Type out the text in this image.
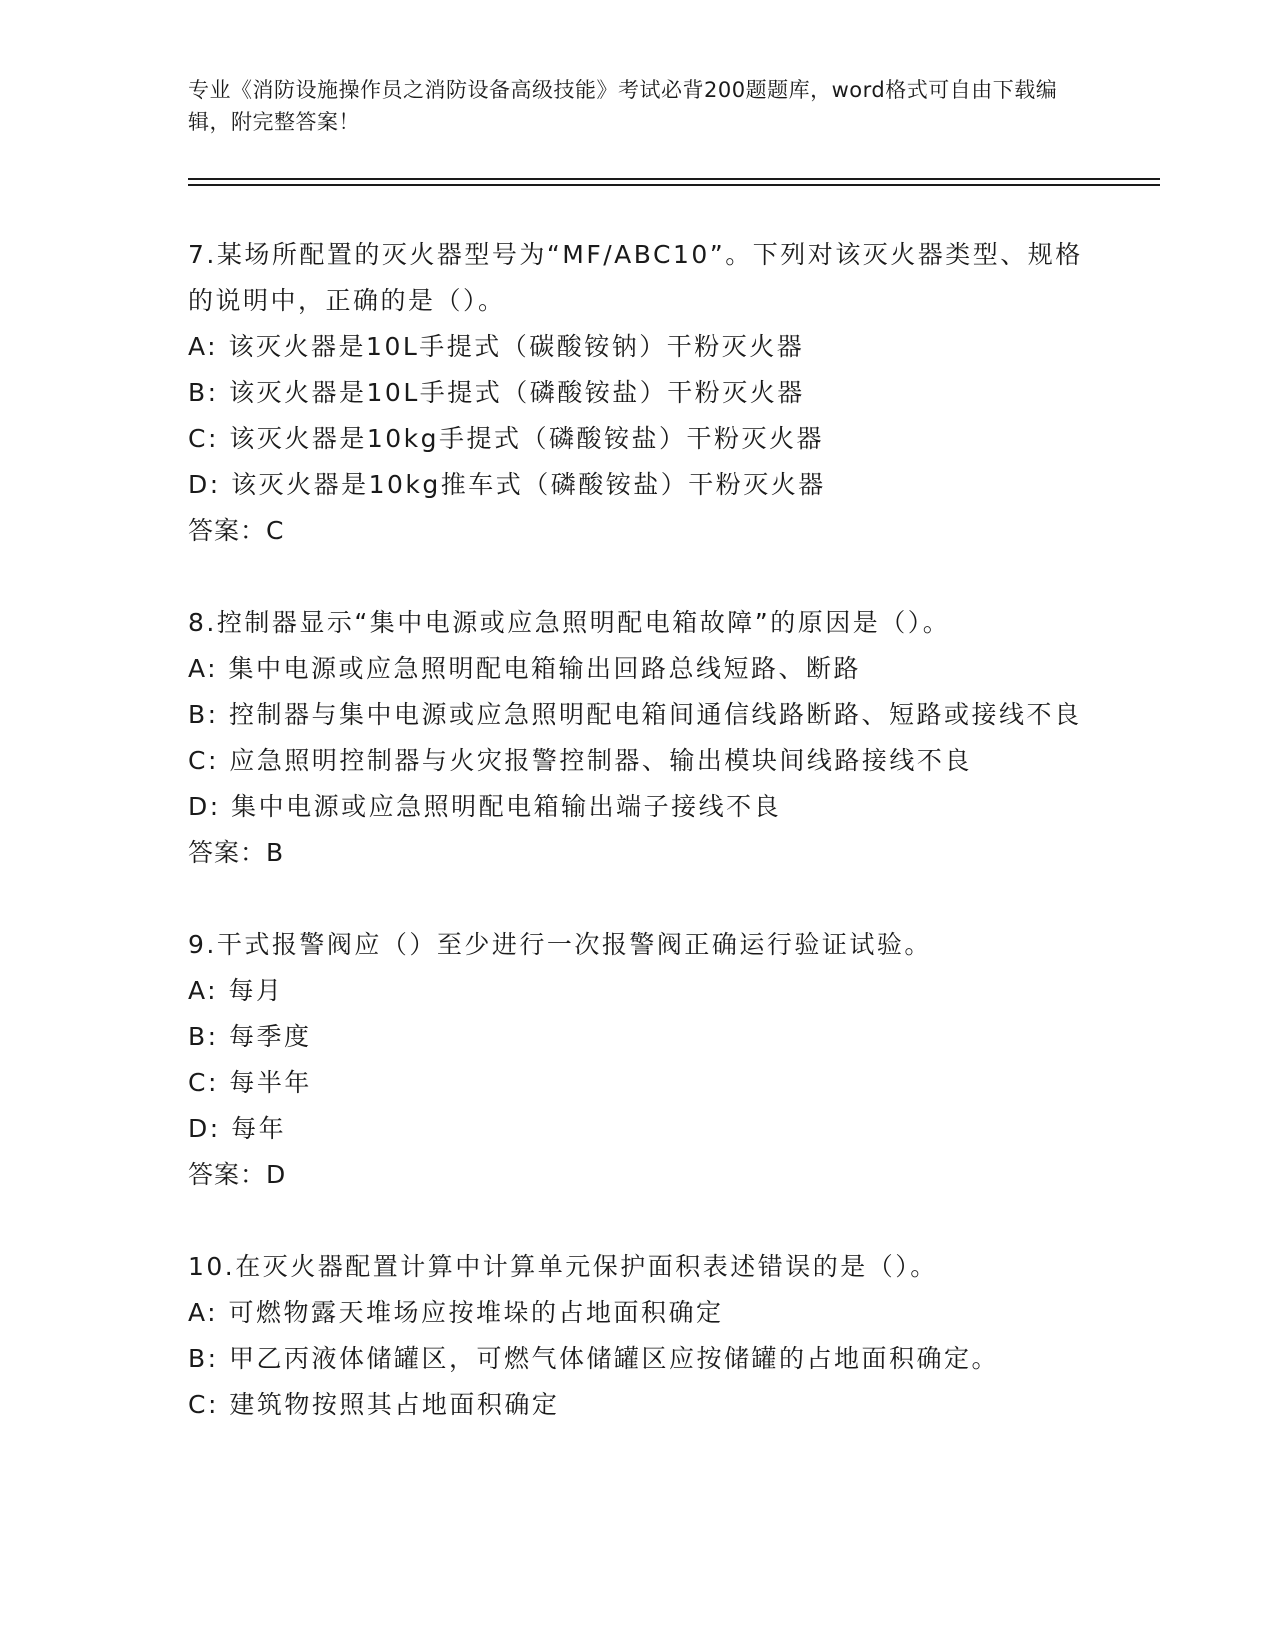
专业《消防设施操作员之消防设备高级技能》考试必背200题题库，word格式可自由下载编辑，附完整答案！

7.某场所配置的灭火器型号为“MF/ABC10”。下列对该灭火器类型、规格的说明中，正确的是（）。

A: 该灭火器是10L手提式（碳酸铵钠）干粉灭火器

B: 该灭火器是10L手提式（磷酸铵盐）干粉灭火器

C: 该灭火器是10kg手提式（磷酸铵盐）干粉灭火器

D: 该灭火器是10kg推车式（磷酸铵盐）干粉灭火器

答案：C

8.控制器显示“集中电源或应急照明配电箱故障”的原因是（）。

A: 集中电源或应急照明配电箱输出回路总线短路、断路

B: 控制器与集中电源或应急照明配电箱间通信线路断路、短路或接线不良

C: 应急照明控制器与火灾报警控制器、输出模块间线路接线不良

D: 集中电源或应急照明配电箱输出端子接线不良

答案：B

9.干式报警阀应（）至少进行一次报警阀正确运行验证试验。

A: 每月

B: 每季度

C: 每半年

D: 每年

答案：D

10.在灭火器配置计算中计算单元保护面积表述错误的是（）。

A: 可燃物露天堆场应按堆垛的占地面积确定

B: 甲乙丙液体储罐区，可燃气体储罐区应按储罐的占地面积确定。

C: 建筑物按照其占地面积确定
